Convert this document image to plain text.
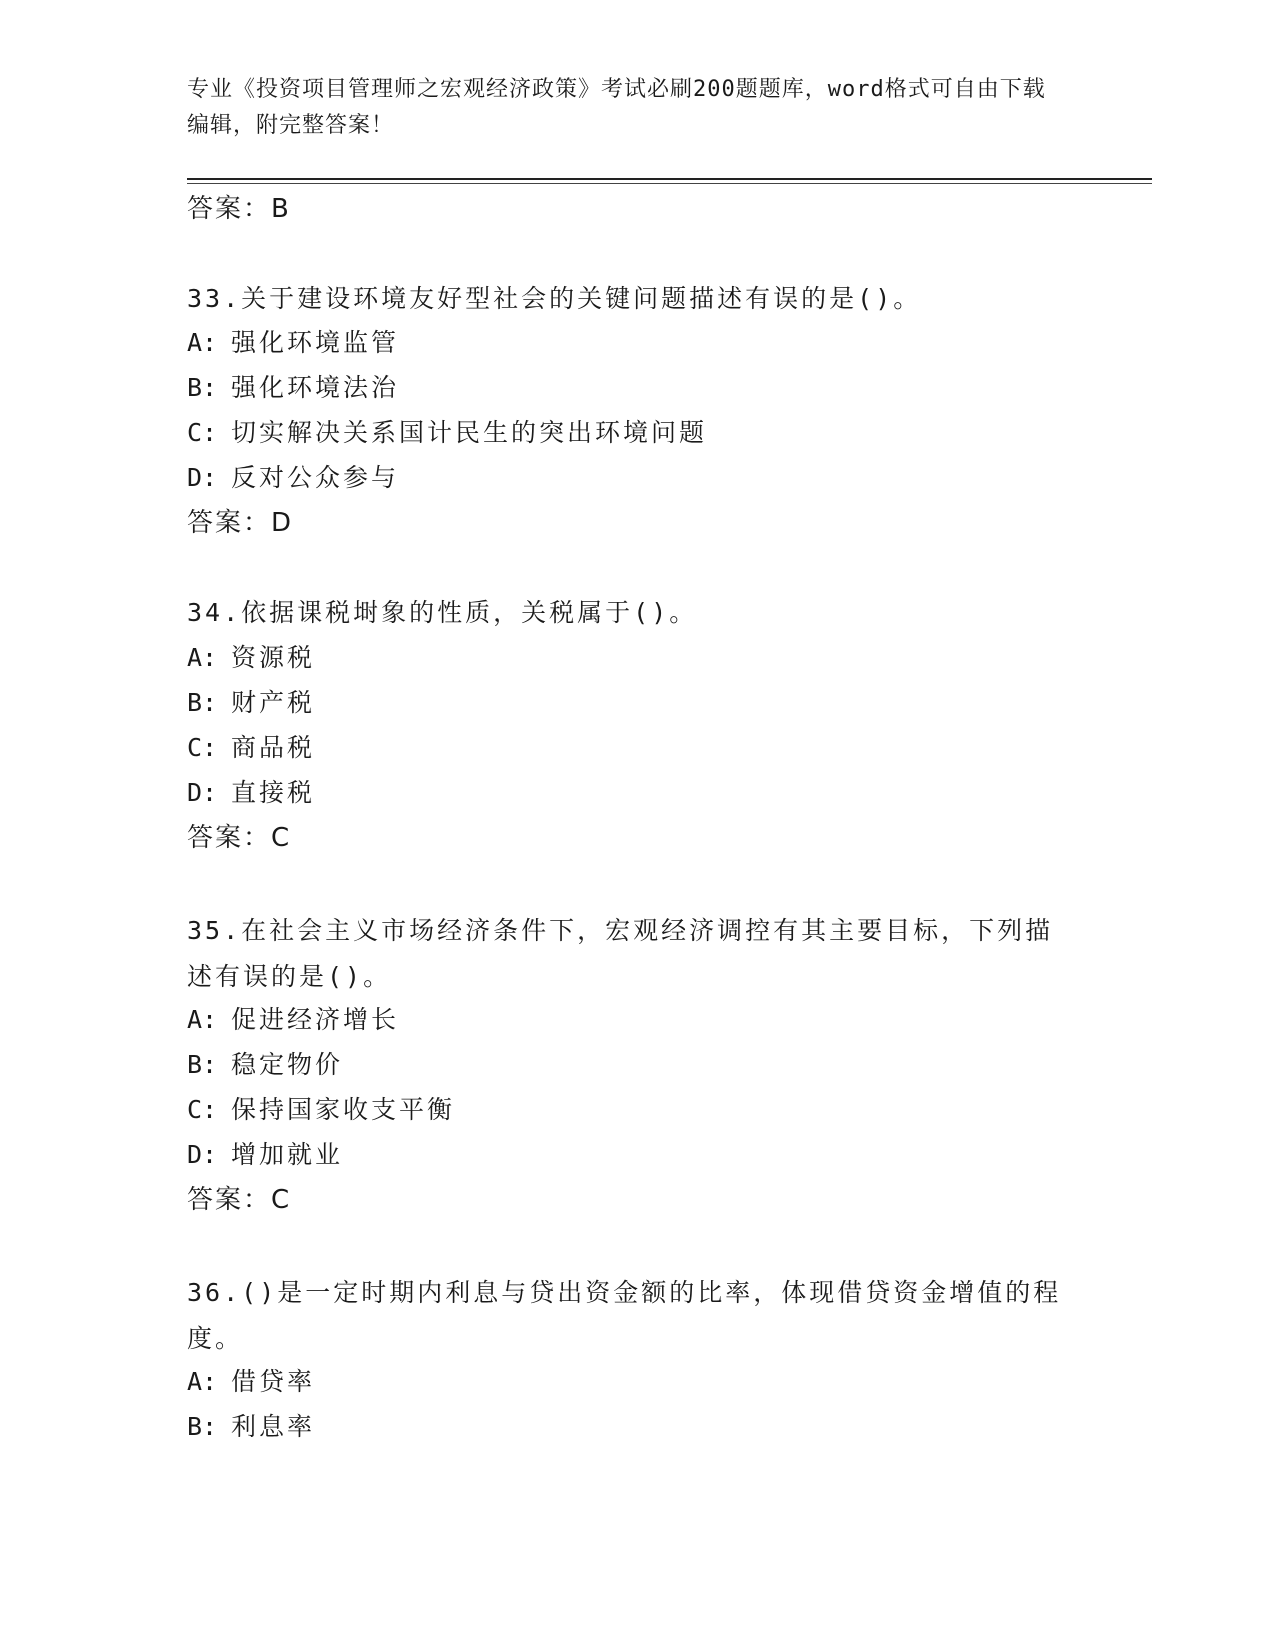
专业《投资项目管理师之宏观经济政策》考试必刷200题题库，word格式可自由下载编辑，附完整答案！
答案：B
33.关于建设环境友好型社会的关键问题描述有误的是()。
A: 强化环境监管
B: 强化环境法治
C: 切实解决关系国计民生的突出环境问题
D: 反对公众参与
答案：D
34.依据课税埘象的性质，关税属于()。
A: 资源税
B: 财产税
C: 商品税
D: 直接税
答案：C
35.在社会主义市场经济条件下，宏观经济调控有其主要目标，下列描述有误的是()。
A: 促进经济增长
B: 稳定物价
C: 保持国家收支平衡
D: 增加就业
答案：C
36.()是一定时期内利息与贷出资金额的比率，体现借贷资金增值的程度。
A: 借贷率
B: 利息率
